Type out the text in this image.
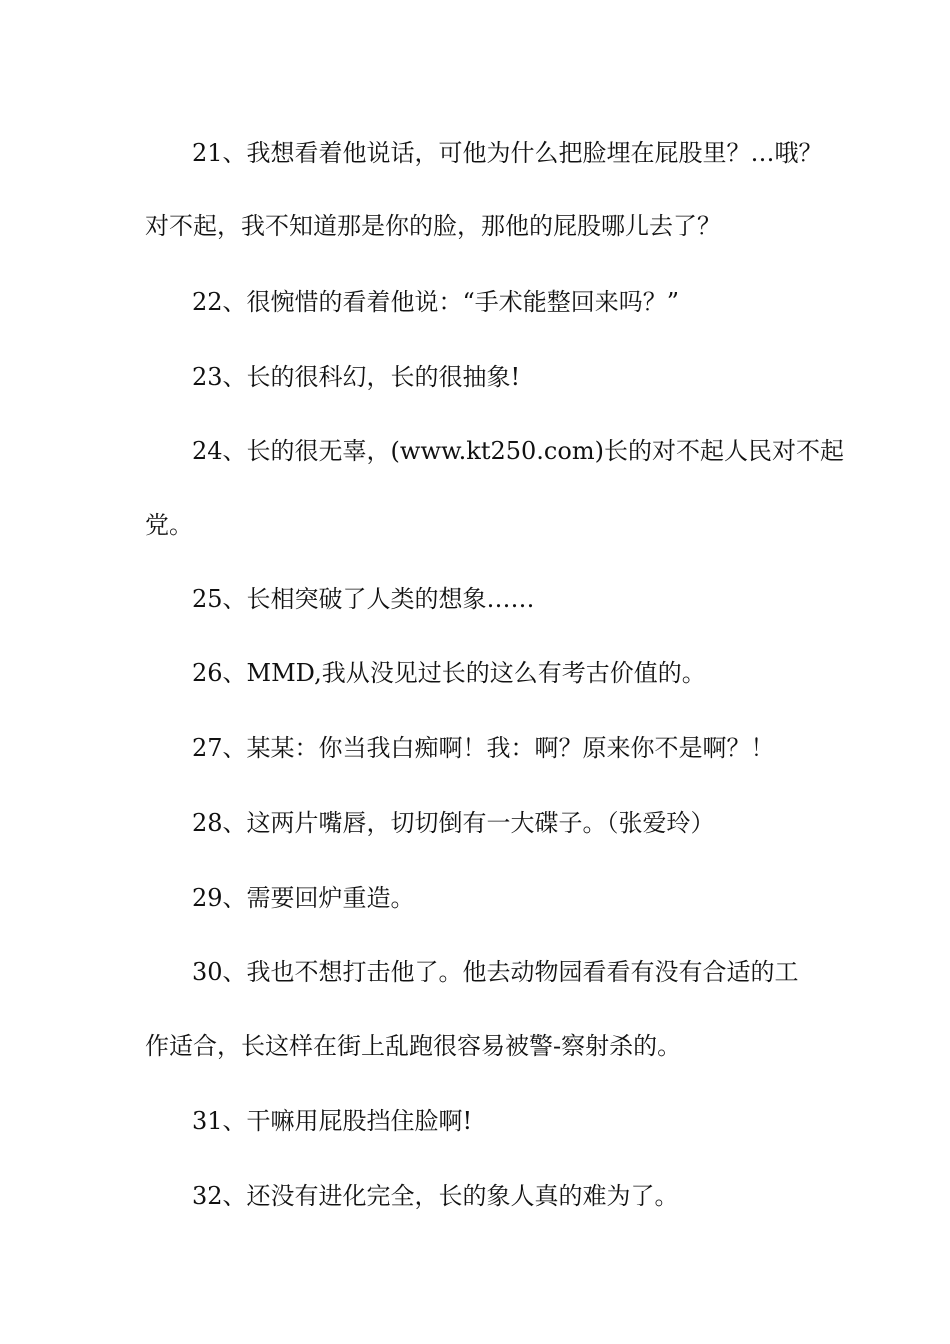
21、我想看着他说话，可他为什么把脸埋在屁股里？…哦？
对不起，我不知道那是你的脸，那他的屁股哪儿去了？
22、很惋惜的看着他说：“手术能整回来吗？”
23、长的很科幻，长的很抽象!
24、长的很无辜，(www.kt250.com)长的对不起人民对不起
党。
25、长相突破了人类的想象……
26、MMD,我从没见过长的这么有考古价值的。
27、某某：你当我白痴啊！我：啊？原来你不是啊？！
28、这两片嘴唇，切切倒有一大碟子。（张爱玲）
29、需要回炉重造。
30、我也不想打击他了。他去动物园看看有没有合适的工
作适合，长这样在街上乱跑很容易被警-察射杀的。
31、干嘛用屁股挡住脸啊!
32、还没有进化完全，长的象人真的难为了。
